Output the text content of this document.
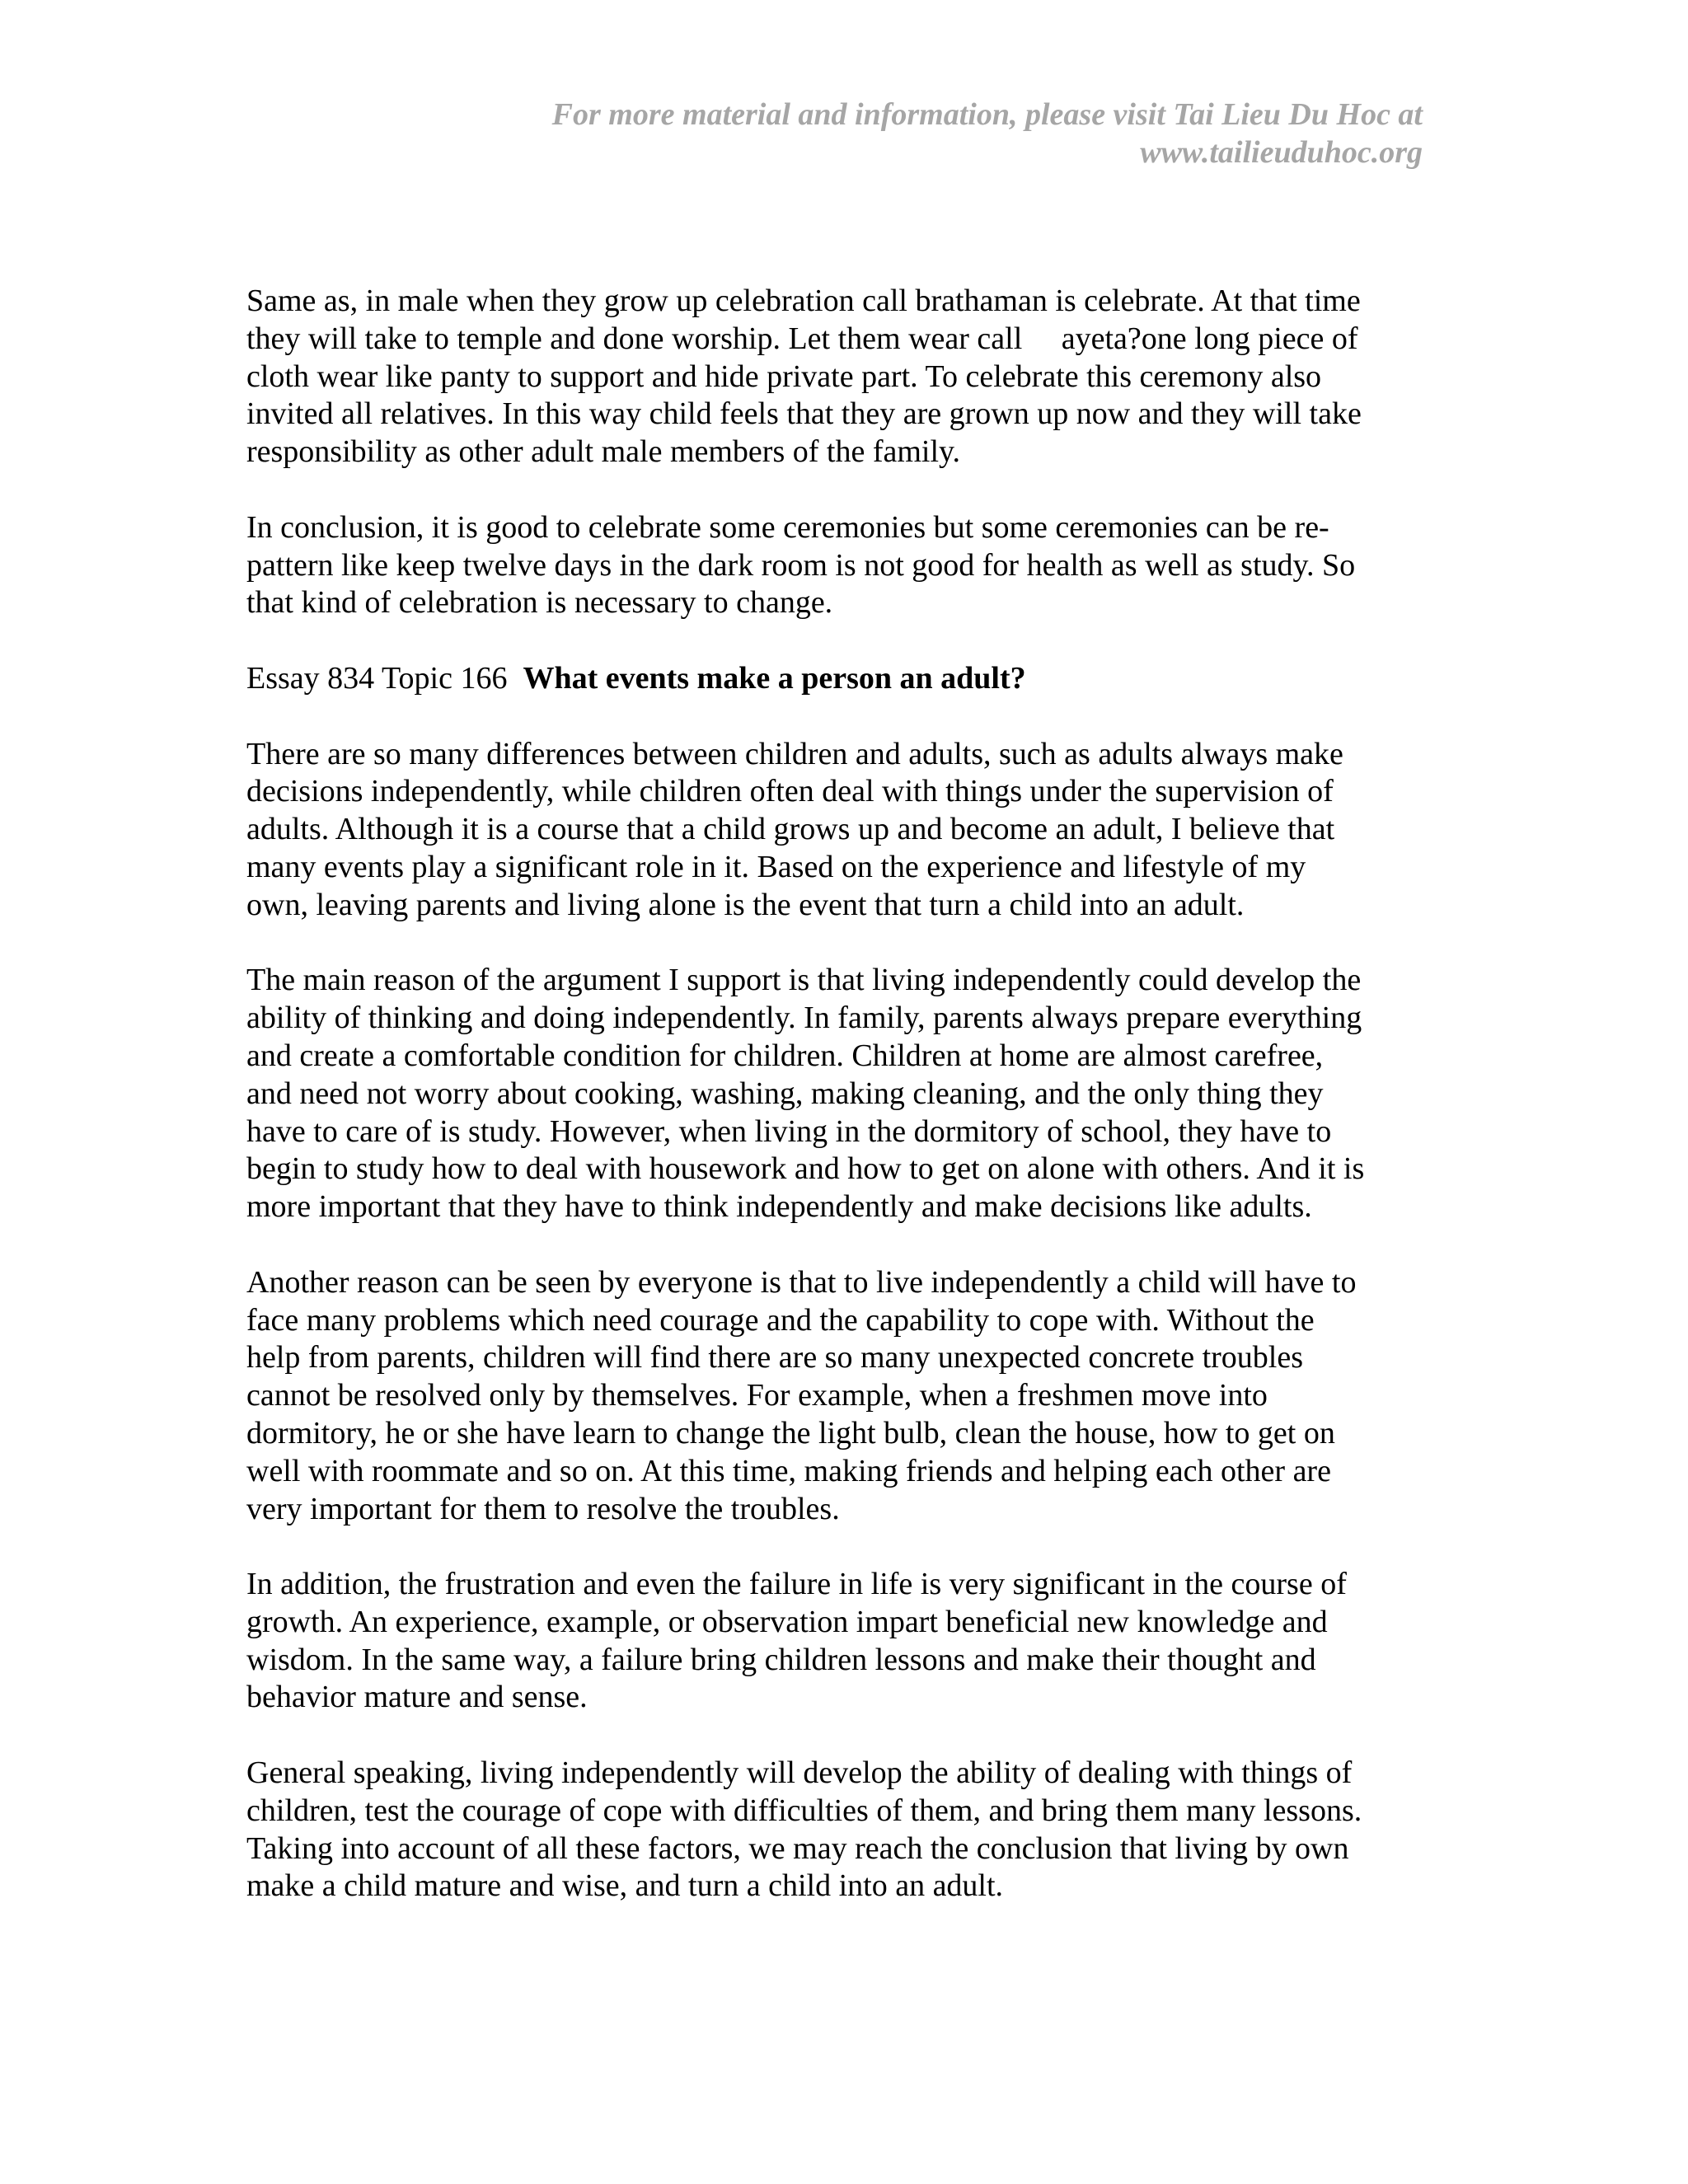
For more material and information, please visit Tai Lieu Du Hoc at
www.tailieuduhoc.org
Same as, in male when they grow up celebration call brathaman is celebrate. At that time
they will take to temple and done worship. Let them wear call     ayeta?one long piece of
cloth wear like panty to support and hide private part. To celebrate this ceremony also
invited all relatives. In this way child feels that they are grown up now and they will take
responsibility as other adult male members of the family.
In conclusion, it is good to celebrate some ceremonies but some ceremonies can be re-
pattern like keep twelve days in the dark room is not good for health as well as study. So
that kind of celebration is necessary to change.
Essay 834 Topic 166  What events make a person an adult?
There are so many differences between children and adults, such as adults always make
decisions independently, while children often deal with things under the supervision of
adults. Although it is a course that a child grows up and become an adult, I believe that
many events play a significant role in it. Based on the experience and lifestyle of my
own, leaving parents and living alone is the event that turn a child into an adult.
The main reason of the argument I support is that living independently could develop the
ability of thinking and doing independently. In family, parents always prepare everything
and create a comfortable condition for children. Children at home are almost carefree,
and need not worry about cooking, washing, making cleaning, and the only thing they
have to care of is study. However, when living in the dormitory of school, they have to
begin to study how to deal with housework and how to get on alone with others. And it is
more important that they have to think independently and make decisions like adults.
Another reason can be seen by everyone is that to live independently a child will have to
face many problems which need courage and the capability to cope with. Without the
help from parents, children will find there are so many unexpected concrete troubles
cannot be resolved only by themselves. For example, when a freshmen move into
dormitory, he or she have learn to change the light bulb, clean the house, how to get on
well with roommate and so on. At this time, making friends and helping each other are
very important for them to resolve the troubles.
In addition, the frustration and even the failure in life is very significant in the course of
growth. An experience, example, or observation impart beneficial new knowledge and
wisdom. In the same way, a failure bring children lessons and make their thought and
behavior mature and sense.
General speaking, living independently will develop the ability of dealing with things of
children, test the courage of cope with difficulties of them, and bring them many lessons.
Taking into account of all these factors, we may reach the conclusion that living by own
make a child mature and wise, and turn a child into an adult.
